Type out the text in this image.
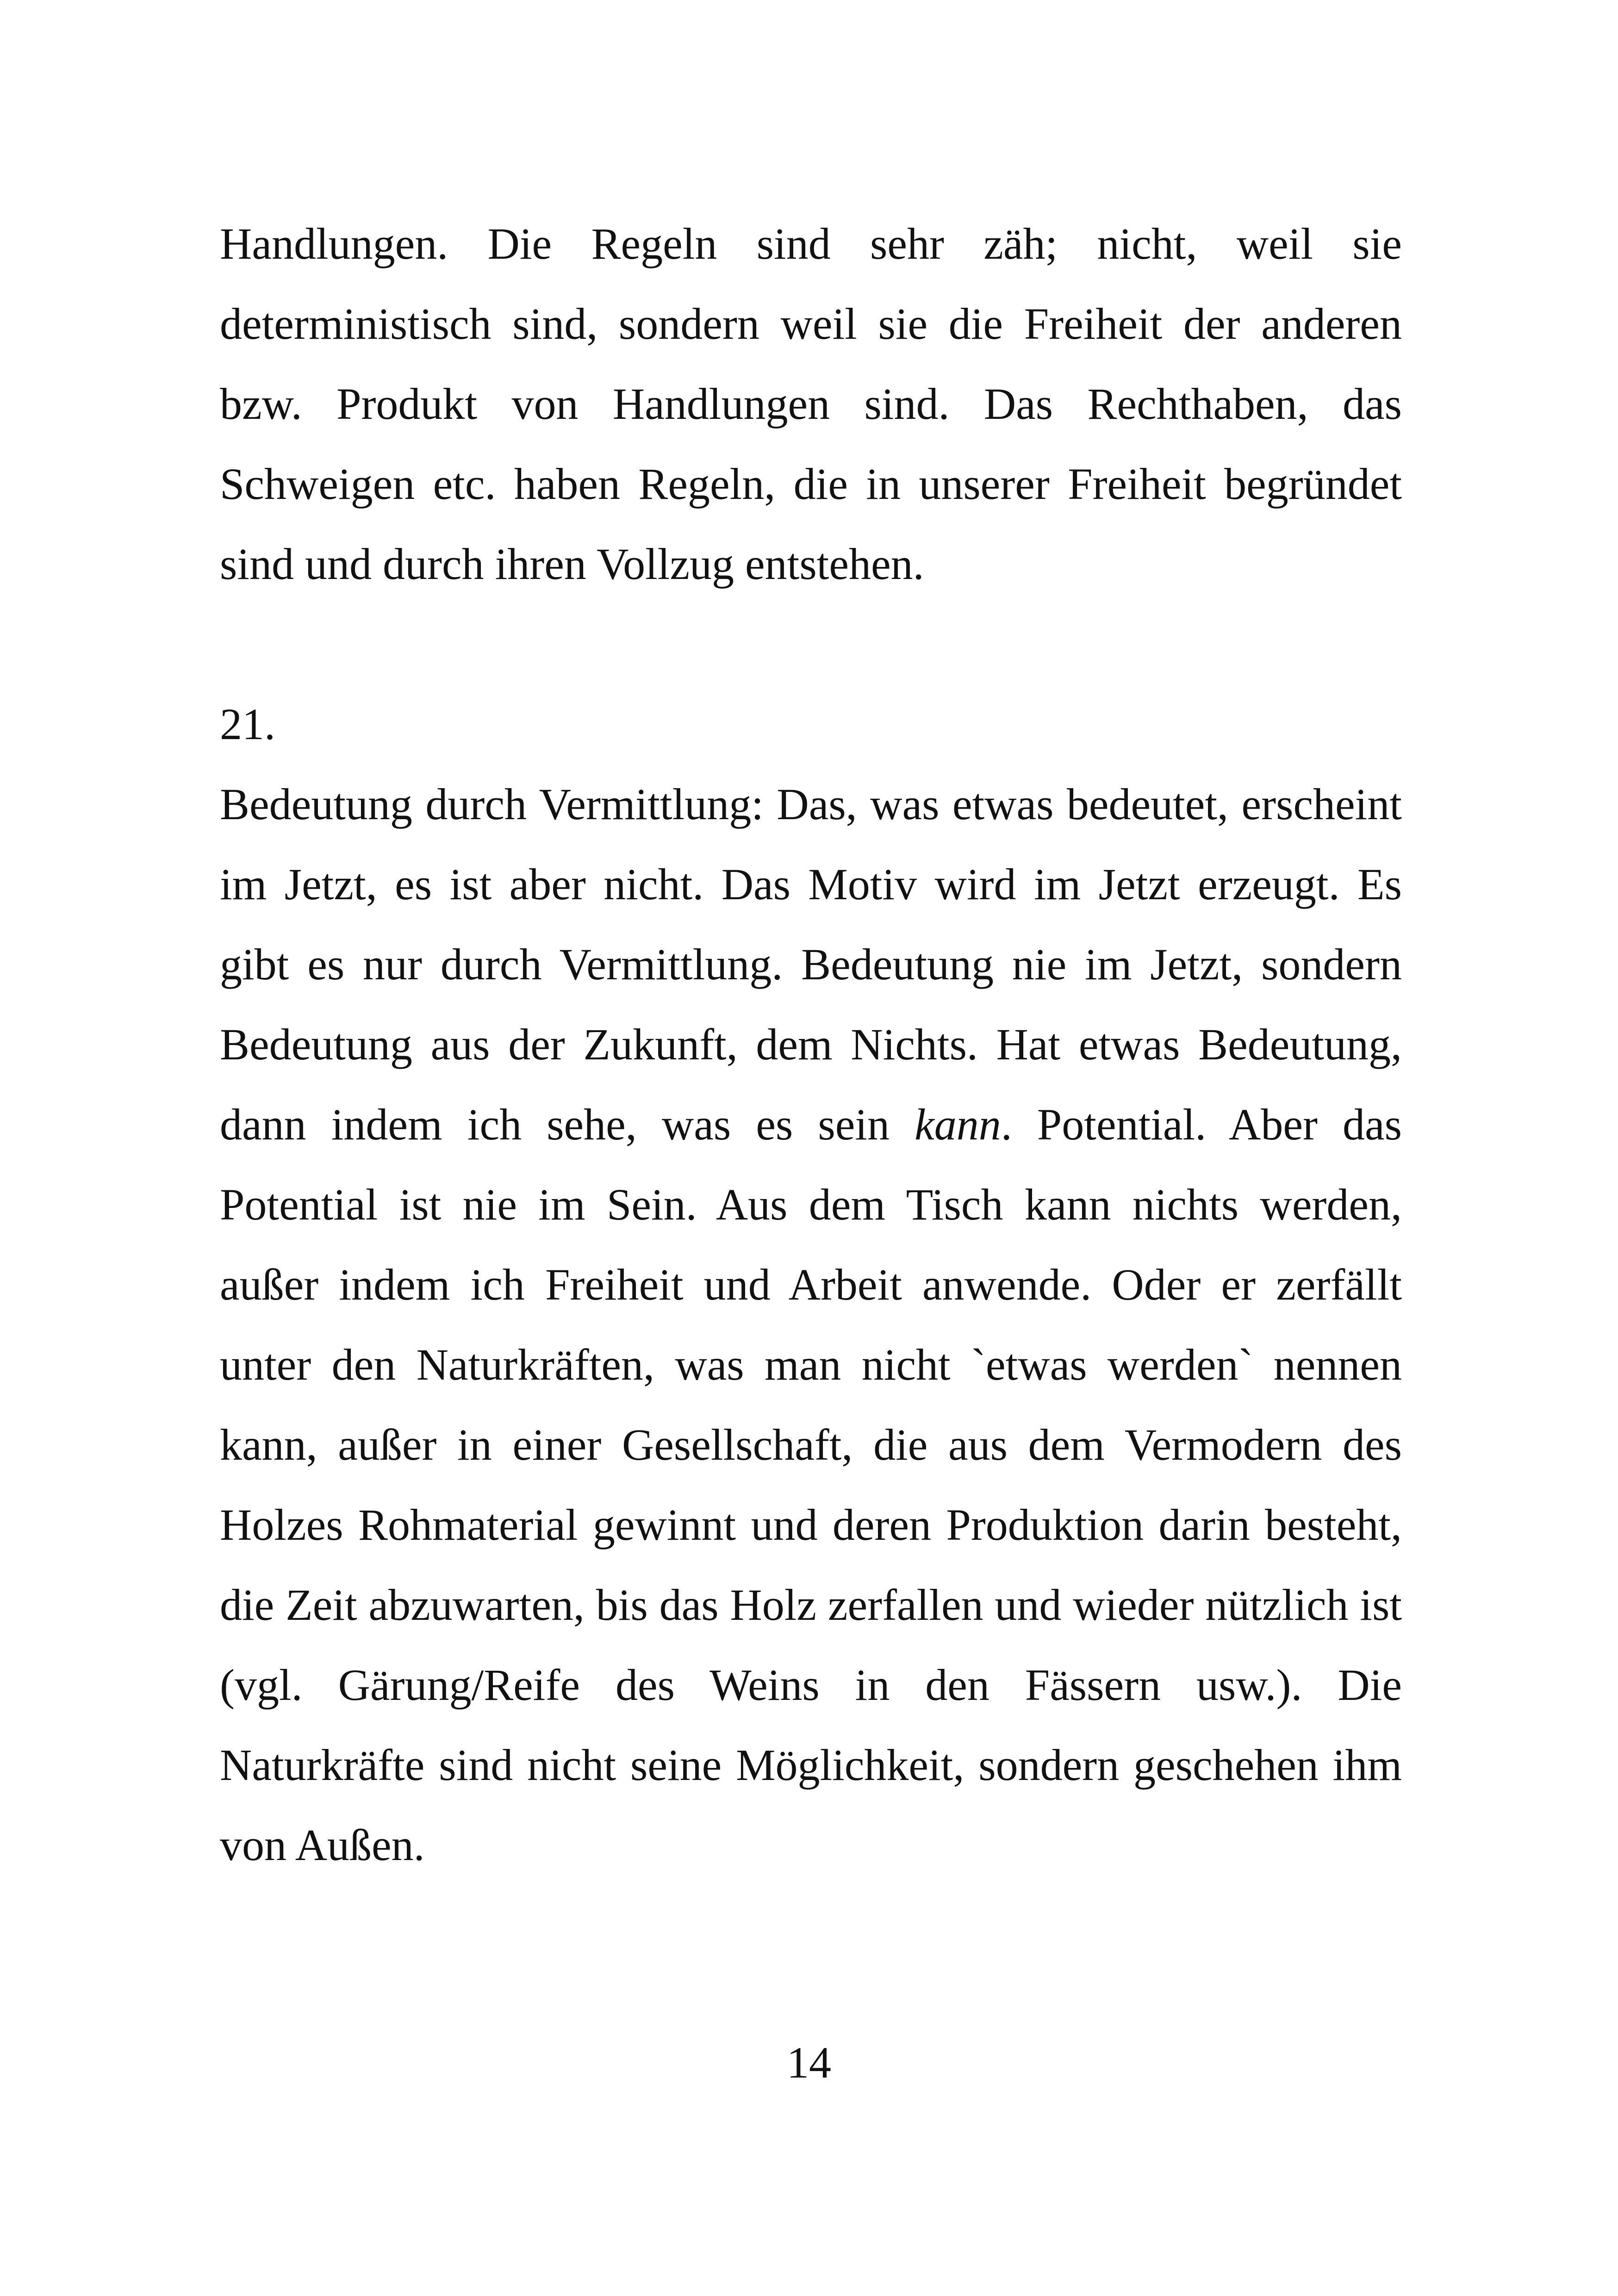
Handlungen. Die Regeln sind sehr zäh; nicht, weil sie deterministisch sind, sondern weil sie die Freiheit der anderen bzw. Produkt von Handlungen sind. Das Rechthaben, das Schweigen etc. haben Regeln, die in unserer Freiheit begründet sind und durch ihren Vollzug entstehen.

21.

Bedeutung durch Vermittlung: Das, was etwas bedeutet, erscheint im Jetzt, es ist aber nicht. Das Motiv wird im Jetzt erzeugt. Es gibt es nur durch Vermittlung. Bedeutung nie im Jetzt, sondern Bedeutung aus der Zukunft, dem Nichts. Hat etwas Bedeutung, dann indem ich sehe, was es sein kann. Potential. Aber das Potential ist nie im Sein. Aus dem Tisch kann nichts werden, außer indem ich Freiheit und Arbeit anwende. Oder er zerfällt unter den Naturkräften, was man nicht `etwas werden` nennen kann, außer in einer Gesellschaft, die aus dem Vermodern des Holzes Rohmaterial gewinnt und deren Produktion darin besteht, die Zeit abzuwarten, bis das Holz zerfallen und wieder nützlich ist (vgl. Gärung/Reife des Weins in den Fässern usw.). Die Naturkräfte sind nicht seine Möglichkeit, sondern geschehen ihm von Außen.

14
